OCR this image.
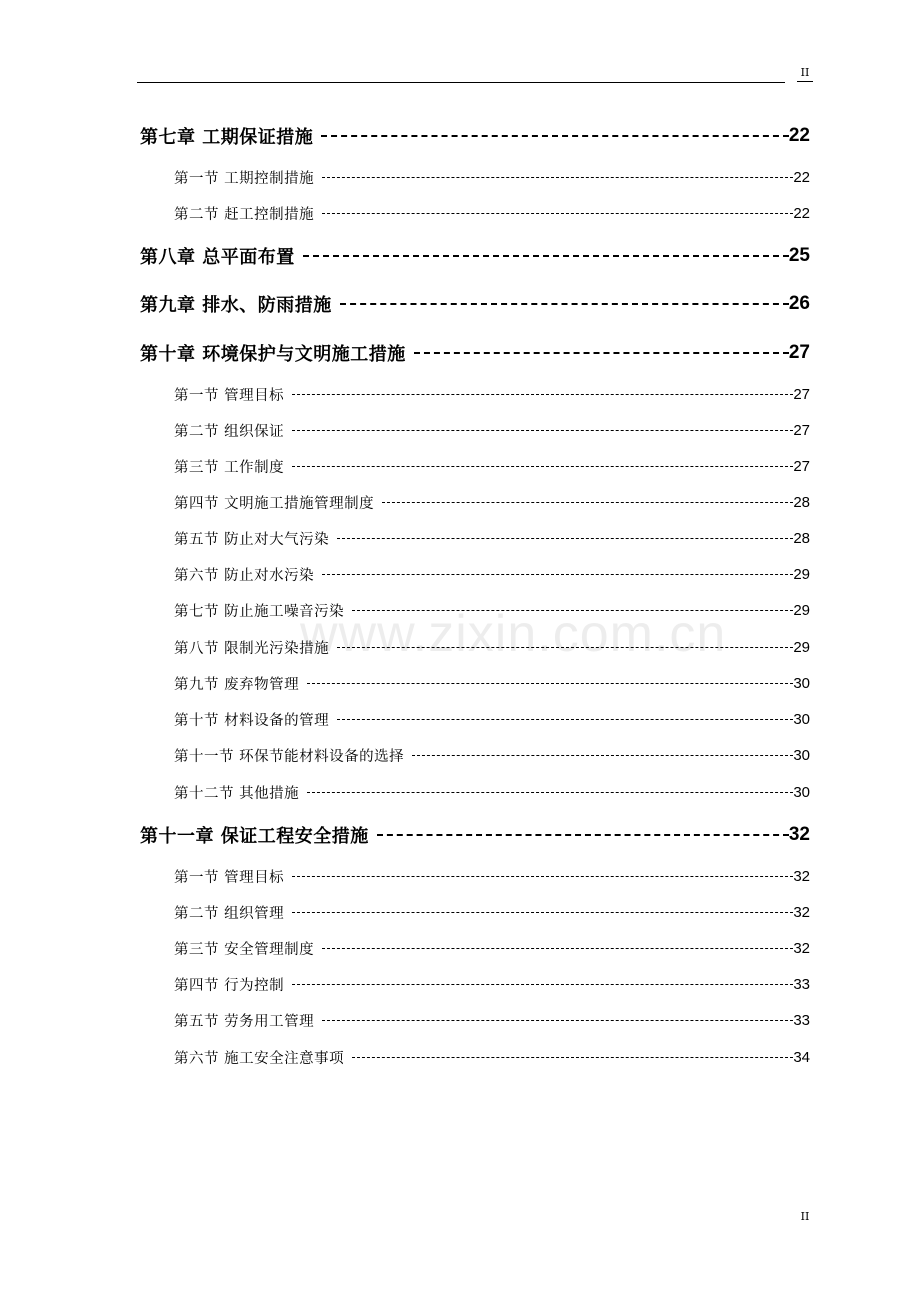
II
www.zixin.com.cn
第七章 工期保证措施	22
第一节 工期控制措施	22
第二节 赶工控制措施	22
第八章 总平面布置	25
第九章 排水、防雨措施	26
第十章 环境保护与文明施工措施	27
第一节 管理目标	27
第二节 组织保证	27
第三节 工作制度	27
第四节 文明施工措施管理制度	28
第五节 防止对大气污染	28
第六节 防止对水污染	29
第七节 防止施工噪音污染	29
第八节 限制光污染措施	29
第九节 废弃物管理	30
第十节 材料设备的管理	30
第十一节 环保节能材料设备的选择	30
第十二节 其他措施	30
第十一章 保证工程安全措施	32
第一节 管理目标	32
第二节 组织管理	32
第三节 安全管理制度	32
第四节 行为控制	33
第五节 劳务用工管理	33
第六节 施工安全注意事项	34
II
